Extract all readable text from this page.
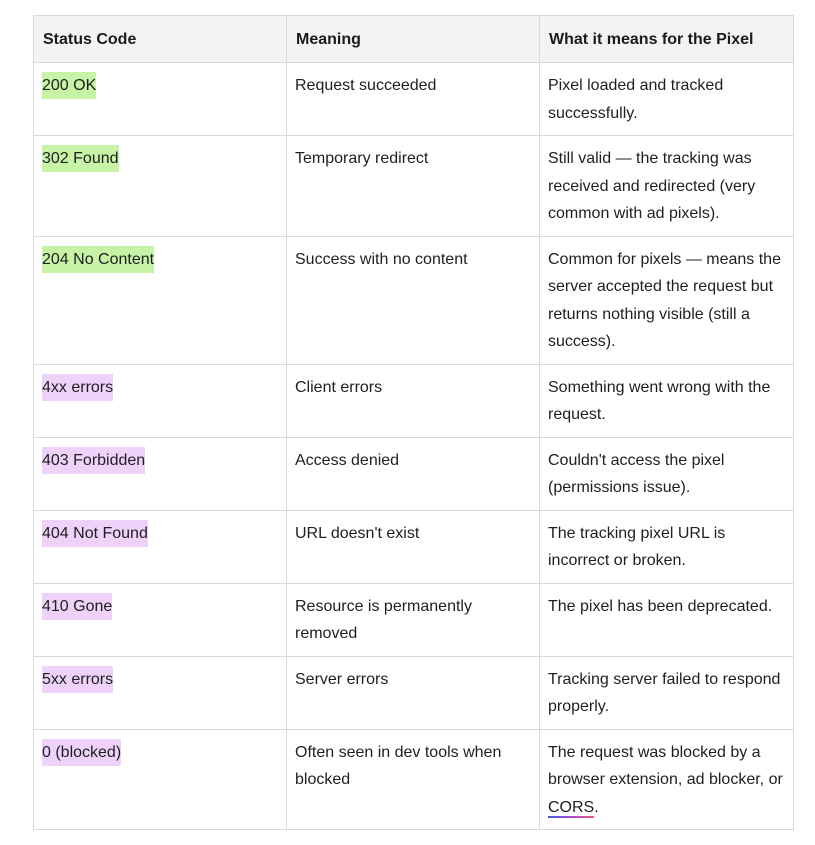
Status Code	Meaning	What it means for the Pixel
200 OK	Request succeeded	Pixel loaded and tracked successfully.
302 Found	Temporary redirect	Still valid — the tracking was received and redirected (very common with ad pixels).
204 No Content	Success with no content	Common for pixels — means the server accepted the request but returns nothing visible (still a success).
4xx errors	Client errors	Something went wrong with the request.
403 Forbidden	Access denied	Couldn't access the pixel (permissions issue).
404 Not Found	URL doesn't exist	The tracking pixel URL is incorrect or broken.
410 Gone	Resource is permanently removed	The pixel has been deprecated.
5xx errors	Server errors	Tracking server failed to respond properly.
0 (blocked)	Often seen in dev tools when blocked	The request was blocked by a browser extension, ad blocker, or CORS.
